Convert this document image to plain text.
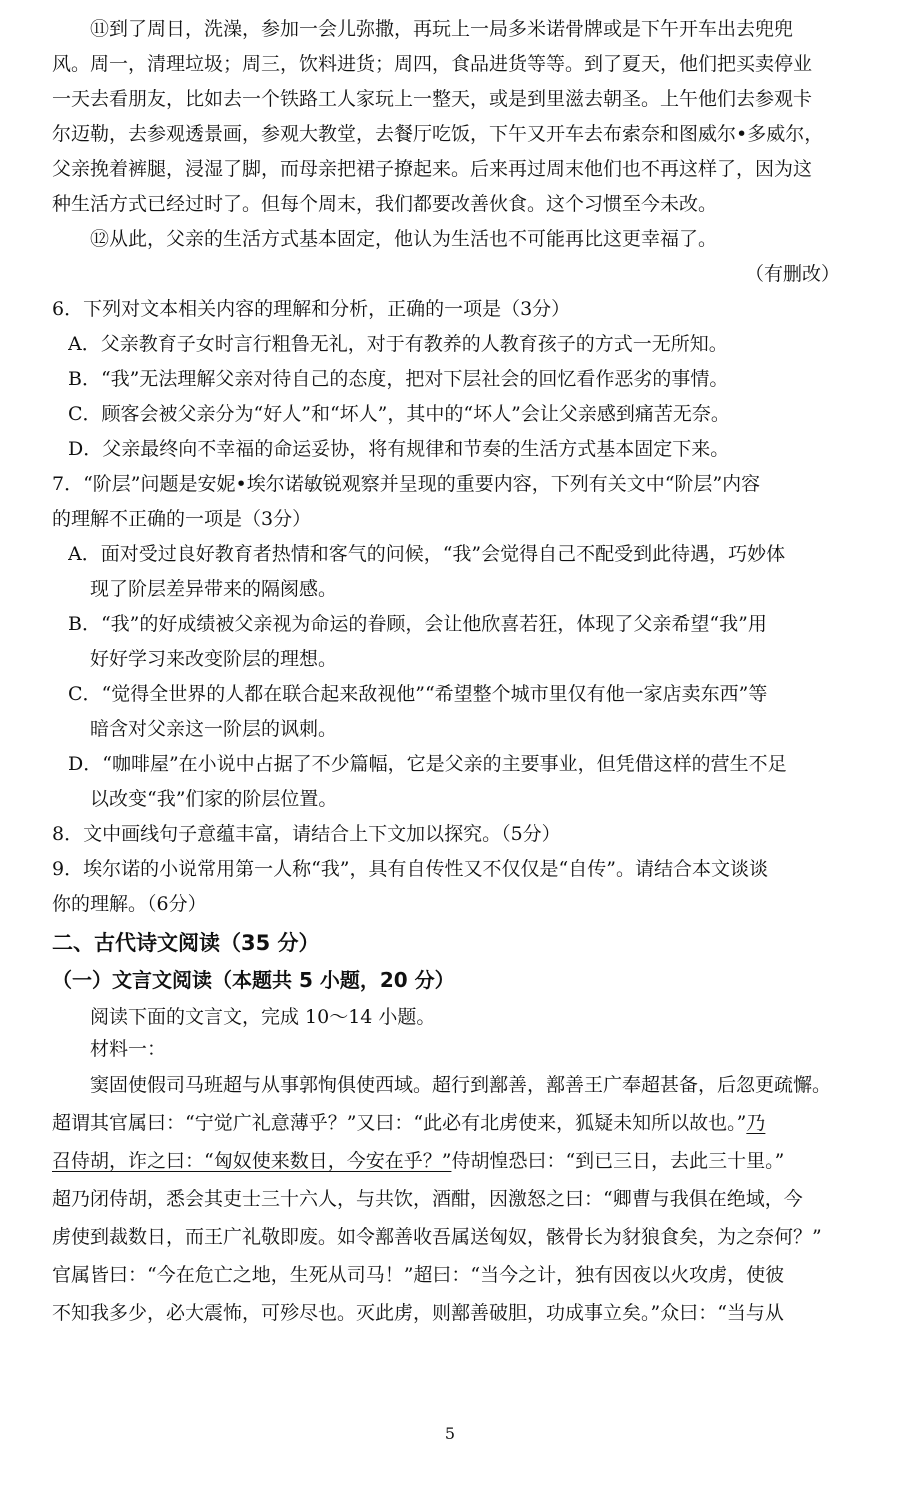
⑪到了周日，洗澡，参加一会儿弥撒，再玩上一局多米诺骨牌或是下午开车出去兜兜
风。周一，清理垃圾；周三，饮料进货；周四，食品进货等等。到了夏天，他们把买卖停业
一天去看朋友，比如去一个铁路工人家玩上一整天，或是到里滋去朝圣。上午他们去参观卡
尔迈勒，去参观透景画，参观大教堂，去餐厅吃饭，下午又开车去布索奈和图威尔•多威尔，
父亲挽着裤腿，浸湿了脚，而母亲把裙子撩起来。后来再过周末他们也不再这样了，因为这
种生活方式已经过时了。但每个周末，我们都要改善伙食。这个习惯至今未改。
⑫从此，父亲的生活方式基本固定，他认为生活也不可能再比这更幸福了。
（有删改）
6．下列对文本相关内容的理解和分析，正确的一项是（3分）
A．父亲教育子女时言行粗鲁无礼，对于有教养的人教育孩子的方式一无所知。
B．“我”无法理解父亲对待自己的态度，把对下层社会的回忆看作恶劣的事情。
C．顾客会被父亲分为“好人”和“坏人”，其中的“坏人”会让父亲感到痛苦无奈。
D．父亲最终向不幸福的命运妥协，将有规律和节奏的生活方式基本固定下来。
7．“阶层”问题是安妮•埃尔诺敏锐观察并呈现的重要内容，下列有关文中“阶层”内容
的理解不正确的一项是（3分）
A．面对受过良好教育者热情和客气的问候，“我”会觉得自己不配受到此待遇，巧妙体
现了阶层差异带来的隔阂感。
B．“我”的好成绩被父亲视为命运的眷顾，会让他欣喜若狂，体现了父亲希望“我”用
好好学习来改变阶层的理想。
C．“觉得全世界的人都在联合起来敌视他”“希望整个城市里仅有他一家店卖东西”等
暗含对父亲这一阶层的讽刺。
D．“咖啡屋”在小说中占据了不少篇幅，它是父亲的主要事业，但凭借这样的营生不足
以改变“我”们家的阶层位置。
8．文中画线句子意蕴丰富，请结合上下文加以探究。（5分）
9．埃尔诺的小说常用第一人称“我”，具有自传性又不仅仅是“自传”。请结合本文谈谈
你的理解。（6分）
二、古代诗文阅读（35 分）
（一）文言文阅读（本题共 5 小题，20 分）
阅读下面的文言文，完成 10～14 小题。
材料一：
窦固使假司马班超与从事郭恂俱使西域。超行到鄯善，鄯善王广奉超甚备，后忽更疏懈。
超谓其官属曰：“宁觉广礼意薄乎？”又曰：“此必有北虏使来，狐疑未知所以故也。”乃
召侍胡，诈之曰：“匈奴使来数日，今安在乎？”侍胡惶恐曰：“到已三日，去此三十里。”
超乃闭侍胡，悉会其吏士三十六人，与共饮，酒酣，因激怒之曰：“卿曹与我俱在绝域，今
虏使到裁数日，而王广礼敬即废。如令鄯善收吾属送匈奴，骸骨长为豺狼食矣，为之奈何？”
官属皆曰：“今在危亡之地，生死从司马！”超曰：“当今之计，独有因夜以火攻虏，使彼
不知我多少，必大震怖，可殄尽也。灭此虏，则鄯善破胆，功成事立矣。”众曰：“当与从
5
